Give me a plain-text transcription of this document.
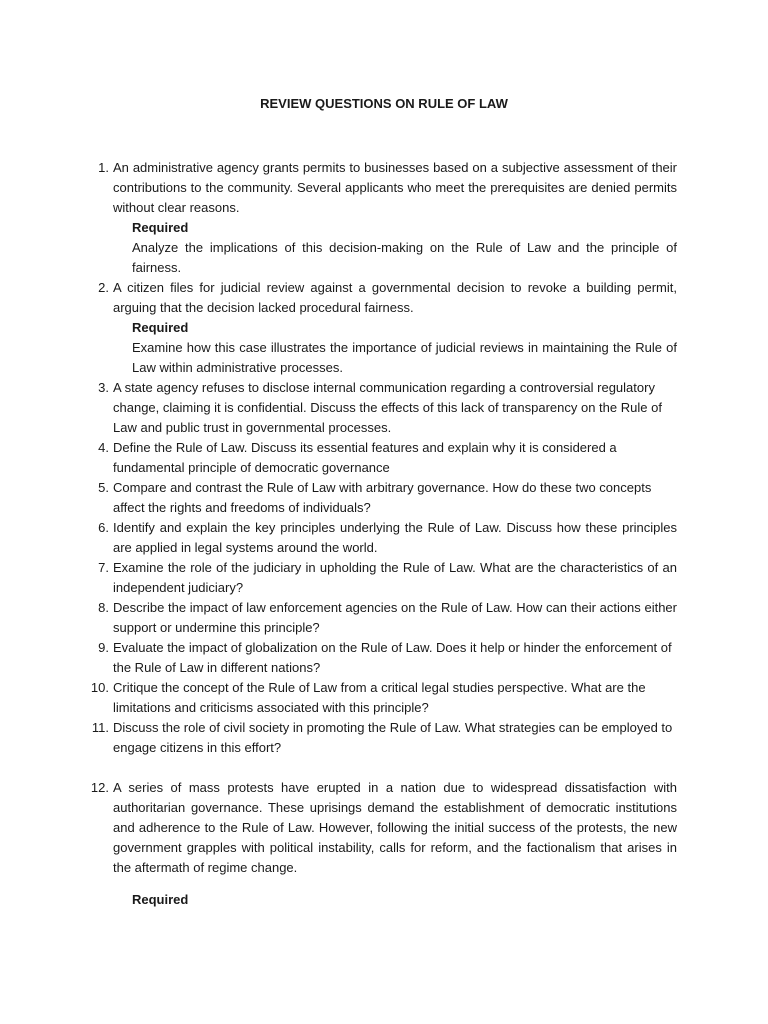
REVIEW QUESTIONS ON RULE OF LAW
1. An administrative agency grants permits to businesses based on a subjective assessment of their contributions to the community. Several applicants who meet the prerequisites are denied permits without clear reasons.
Required
Analyze the implications of this decision-making on the Rule of Law and the principle of fairness.
2. A citizen files for judicial review against a governmental decision to revoke a building permit, arguing that the decision lacked procedural fairness.
Required
Examine how this case illustrates the importance of judicial reviews in maintaining the Rule of Law within administrative processes.
3. A state agency refuses to disclose internal communication regarding a controversial regulatory change, claiming it is confidential. Discuss the effects of this lack of transparency on the Rule of Law and public trust in governmental processes.
4. Define the Rule of Law. Discuss its essential features and explain why it is considered a fundamental principle of democratic governance
5. Compare and contrast the Rule of Law with arbitrary governance. How do these two concepts affect the rights and freedoms of individuals?
6. Identify and explain the key principles underlying the Rule of Law. Discuss how these principles are applied in legal systems around the world.
7. Examine the role of the judiciary in upholding the Rule of Law. What are the characteristics of an independent judiciary?
8. Describe the impact of law enforcement agencies on the Rule of Law. How can their actions either support or undermine this principle?
9. Evaluate the impact of globalization on the Rule of Law. Does it help or hinder the enforcement of the Rule of Law in different nations?
10. Critique the concept of the Rule of Law from a critical legal studies perspective. What are the limitations and criticisms associated with this principle?
11. Discuss the role of civil society in promoting the Rule of Law. What strategies can be employed to engage citizens in this effort?
12. A series of mass protests have erupted in a nation due to widespread dissatisfaction with authoritarian governance. These uprisings demand the establishment of democratic institutions and adherence to the Rule of Law. However, following the initial success of the protests, the new government grapples with political instability, calls for reform, and the factionalism that arises in the aftermath of regime change.
Required
